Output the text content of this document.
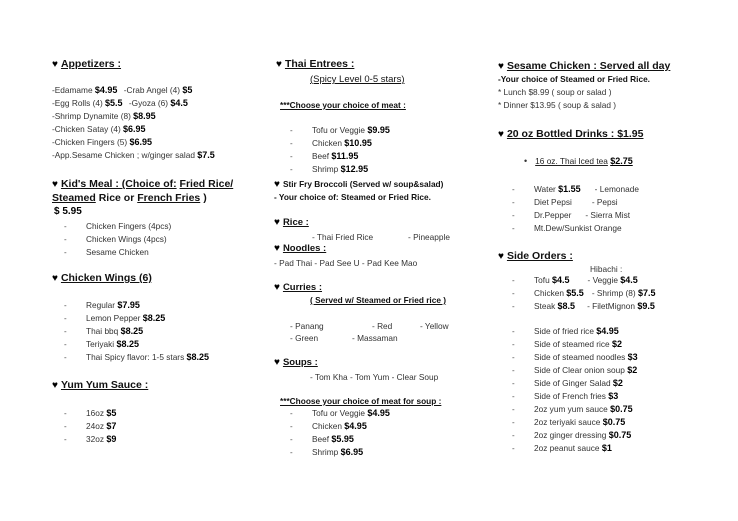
♥ Appetizers :
-Edamame $4.95 -Crab Angel (4) $5
-Egg Rolls (4) $5.5 -Gyoza (6) $4.5
-Shrimp Dynamite (8) $8.95
-Chicken Satay (4) $6.95
-Chicken Fingers (5) $6.95
-App.Sesame Chicken ; w/ginger salad $7.5
♥ Kid's Meal : (Choice of: Fried Rice/
Steamed Rice or French Fries )
$ 5.95
- Chicken Fingers (4pcs)
- Chicken Wings (4pcs)
- Sesame Chicken
♥ Chicken Wings (6)
- Regular $7.95
- Lemon Pepper $8.25
- Thai bbq $8.25
- Teriyaki $8.25
- Thai Spicy flavor: 1-5 stars $8.25
♥ Yum Yum Sauce :
- 16oz $5
- 24oz $7
- 32oz $9
♥ Thai Entrees :
(Spicy Level 0-5 stars)
***Choose your choice of meat :
- Tofu or Veggie $9.95
- Chicken $10.95
- Beef $11.95
- Shrimp $12.95
♥ Stir Fry Broccoli (Served w/ soup&salad)
- Your choice of: Steamed or Fried Rice.
♥ Rice :
- Thai Fried Rice	- Pineapple
♥ Noodles :
- Pad Thai - Pad See U - Pad Kee Mao
♥ Curries :
( Served w/ Steamed or Fried rice )
- Panang	- Red	- Yellow
- Green	- Massaman
♥ Soups :
- Tom Kha - Tom Yum - Clear Soup
***Choose your choice of meat for soup :
- Tofu or Veggie $4.95
- Chicken $4.95
- Beef $5.95
- Shrimp $6.95
♥ Sesame Chicken : Served all day
-Your choice of Steamed or Fried Rice.
* Lunch $8.99 ( soup or salad )
* Dinner $13.95 ( soup & salad )
♥ 20 oz Bottled Drinks : $1.95
• 16 oz. Thai Iced tea $2.75
- Water $1.55 - Lemonade
- Diet Pepsi - Pepsi
- Dr.Pepper - Sierra Mist
- Mt.Dew/Sunkist Orange
♥ Side Orders :
Hibachi :
- Tofu $4.5 - Veggie $4.5
- Chicken $5.5 - Shrimp (8) $7.5
- Steak $8.5 - FiletMignon $9.5
- Side of fried rice $4.95
- Side of steamed rice $2
- Side of steamed noodles $3
- Side of Clear onion soup $2
- Side of Ginger Salad $2
- Side of French fries $3
- 2oz yum yum sauce $0.75
- 2oz teriyaki sauce $0.75
- 2oz ginger dressing $0.75
- 2oz peanut sauce $1
